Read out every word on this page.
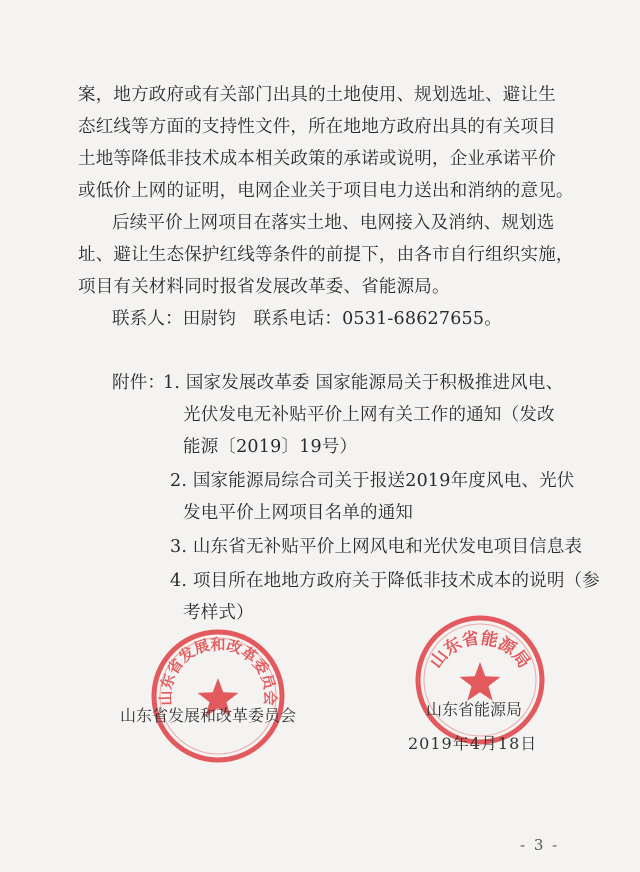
案，地方政府或有关部门出具的土地使用、规划选址、避让生
态红线等方面的支持性文件，所在地地方政府出具的有关项目
土地等降低非技术成本相关政策的承诺或说明，企业承诺平价
或低价上网的证明，电网企业关于项目电力送出和消纳的意见。
后续平价上网项目在落实土地、电网接入及消纳、规划选
址、避让生态保护红线等条件的前提下，由各市自行组织实施，
项目有关材料同时报省发展改革委、省能源局。
联系人：田尉钧　联系电话：0531-68627655。
附件：
1. 国家发展改革委 国家能源局关于积极推进风电、
光伏发电无补贴平价上网有关工作的通知（发改
能源〔2019〕19号）
2. 国家能源局综合司关于报送2019年度风电、光伏
发电平价上网项目名单的通知
3. 山东省无补贴平价上网风电和光伏发电项目信息表
4. 项目所在地地方政府关于降低非技术成本的说明（参
考样式）
山东省发展和改革委员会
山东省能源局
山东省发展和改革委员会	山东省能源局
2019年4月18日
- 3 -
